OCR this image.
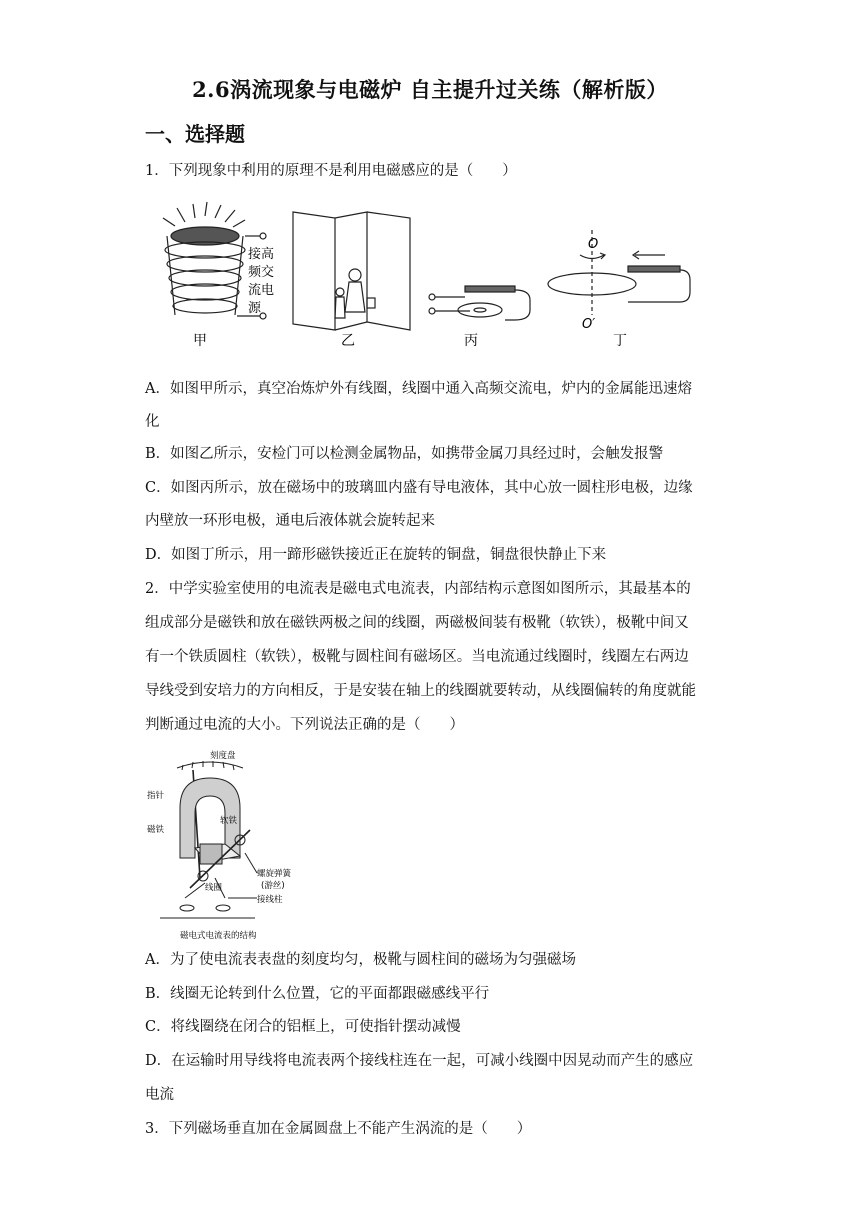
2.6涡流现象与电磁炉 自主提升过关练（解析版）
一、选择题

1．下列现象中利用的原理不是利用电磁感应的是（　　）

接高
频交
流电
源
甲	乙	丙
O
O′
丁

A．如图甲所示，真空冶炼炉外有线圈，线圈中通入高频交流电，炉内的金属能迅速熔

化

B．如图乙所示，安检门可以检测金属物品，如携带金属刀具经过时，会触发报警

C．如图丙所示，放在磁场中的玻璃皿内盛有导电液体，其中心放一圆柱形电极，边缘

内壁放一环形电极，通电后液体就会旋转起来

D．如图丁所示，用一蹄形磁铁接近正在旋转的铜盘，铜盘很快静止下来

2．中学实验室使用的电流表是磁电式电流表，内部结构示意图如图所示，其最基本的

组成部分是磁铁和放在磁铁两极之间的线圈，两磁极间装有极靴（软铁），极靴中间又

有一个铁质圆柱（软铁），极靴与圆柱间有磁场区。当电流通过线圈时，线圈左右两边

导线受到安培力的方向相反，于是安装在轴上的线圈就要转动，从线圈偏转的角度就能

判断通过电流的大小。下列说法正确的是（　　）

刻度盘
指针
磁铁
软铁
螺旋弹簧
(游丝)
线圈
接线柱
磁电式电流表的结构

A．为了使电流表表盘的刻度均匀，极靴与圆柱间的磁场为匀强磁场

B．线圈无论转到什么位置，它的平面都跟磁感线平行

C．将线圈绕在闭合的铝框上，可使指针摆动减慢

D．在运输时用导线将电流表两个接线柱连在一起，可减小线圈中因晃动而产生的感应

电流

3．下列磁场垂直加在金属圆盘上不能产生涡流的是（　　）
